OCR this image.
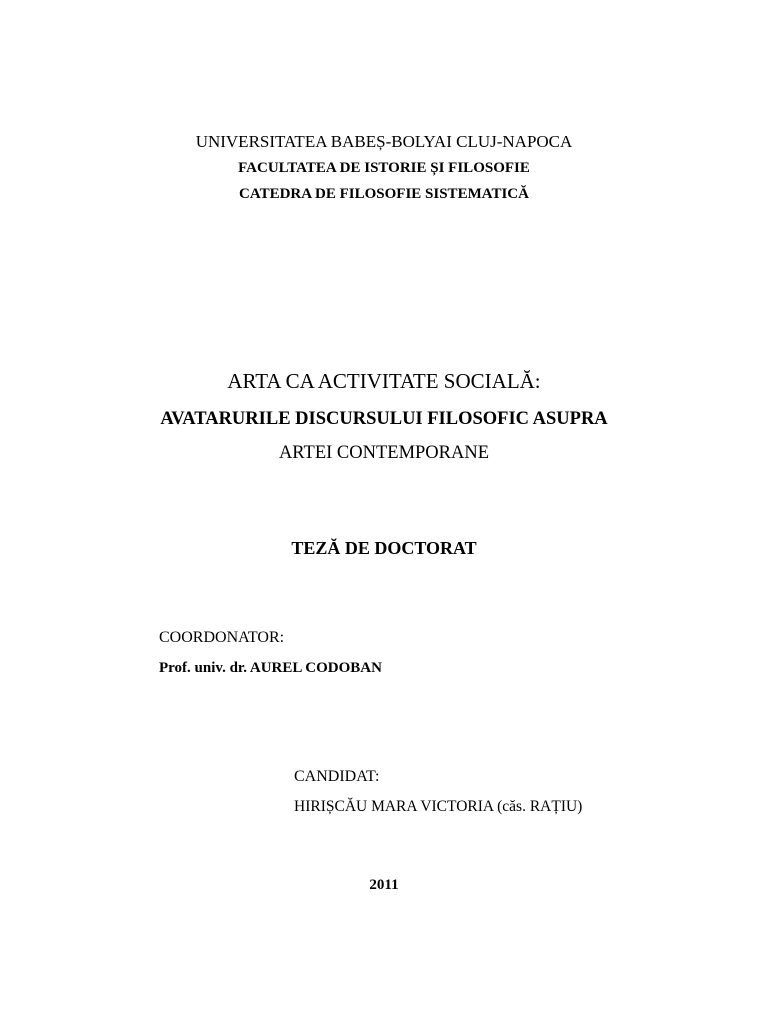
UNIVERSITATEA BABEȘ-BOLYAI CLUJ-NAPOCA
FACULTATEA DE ISTORIE ȘI FILOSOFIE
CATEDRA DE FILOSOFIE SISTEMATICĂ
ARTA CA ACTIVITATE SOCIALĂ:
AVATARURILE DISCURSULUI FILOSOFIC ASUPRA
ARTEI CONTEMPORANE
TEZĂ DE DOCTORAT
COORDONATOR:
Prof. univ. dr. AUREL CODOBAN
CANDIDAT:
HIRIȘCĂU MARA VICTORIA (căs. RAȚIU)
2011
